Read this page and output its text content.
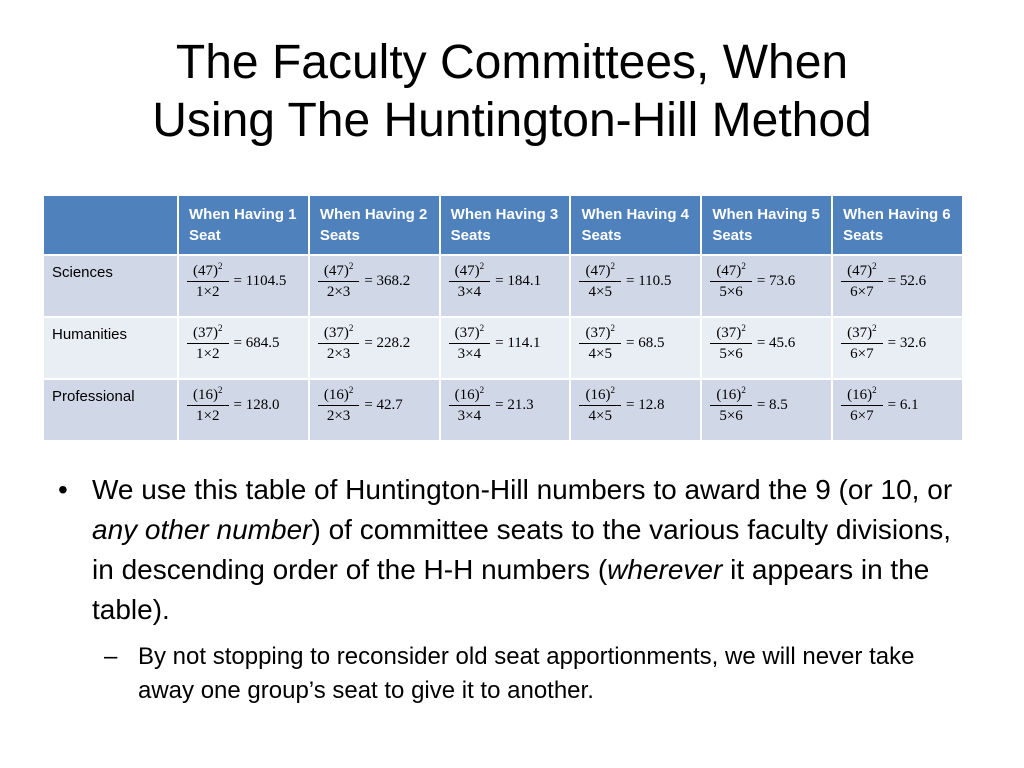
The Faculty Committees, When
Using The Huntington-Hill Method
	When Having 1 Seat	When Having 2 Seats	When Having 3 Seats	When Having 4 Seats	When Having 5 Seats	When Having 6 Seats
Sciences	$\frac{(47)^2}{1\times 2} = 1104.5$	$\frac{(47)^2}{2\times 3} = 368.2$	$\frac{(47)^2}{3\times 4} = 184.1$	$\frac{(47)^2}{4\times 5} = 110.5$	$\frac{(47)^2}{5\times 6} = 73.6$	$\frac{(47)^2}{6\times 7} = 52.6$

Humanities	$\frac{(37)^2}{1\times 2} = 684.5$	$\frac{(37)^2}{2\times 3} = 228.2$	$\frac{(37)^2}{3\times 4} = 114.1$	$\frac{(37)^2}{4\times 5} = 68.5$	$\frac{(37)^2}{5\times 6} = 45.6$	$\frac{(37)^2}{6\times 7} = 32.6$

Professional	$\frac{(16)^2}{1\times 2} = 128.0$	$\frac{(16)^2}{2\times 3} = 42.7$	$\frac{(16)^2}{3\times 4} = 21.3$	$\frac{(16)^2}{4\times 5} = 12.8$	$\frac{(16)^2}{5\times 6} = 8.5$	$\frac{(16)^2}{6\times 7} = 6.1$
• We use this table of Huntington-Hill numbers to award the 9 (or 10, or any other number) of committee seats to the various faculty divisions, in descending order of the H-H numbers (wherever it appears in the table).
– By not stopping to reconsider old seat apportionments, we will never take away one group’s seat to give it to another.
